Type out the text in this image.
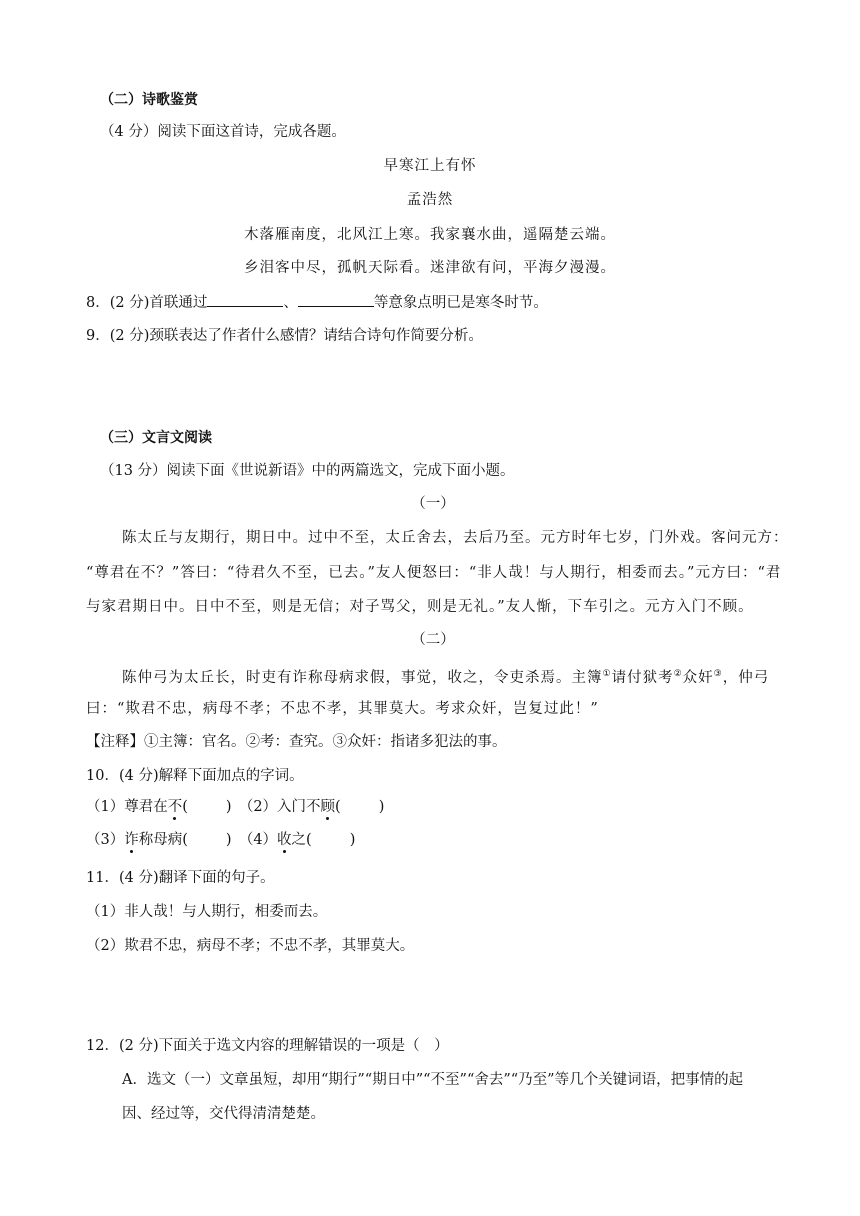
（二）诗歌鉴赏
（4 分）阅读下面这首诗，完成各题。
早寒江上有怀
孟浩然
木落雁南度，北风江上寒。我家襄水曲，遥隔楚云端。
乡泪客中尽，孤帆天际看。迷津欲有问，平海夕漫漫。
8．(2 分)首联通过	、	等意象点明已是寒冬时节。
9．(2 分)颈联表达了作者什么感情？请结合诗句作简要分析。
（三）文言文阅读
（13 分）阅读下面《世说新语》中的两篇选文，完成下面小题。
（一）
陈太丘与友期行，期日中。过中不至，太丘舍去，去后乃至。元方时年七岁，门外戏。客问元方：
“尊君在不？”答曰：“待君久不至，已去。”友人便怒曰：“非人哉！与人期行，相委而去。”元方曰：“君
与家君期日中。日中不至，则是无信；对子骂父，则是无礼。”友人惭，下车引之。元方入门不顾。
（二）
陈仲弓为太丘长，时吏有诈称母病求假，事觉，收之，令吏杀焉。主簿①请付狱考②众奸③，仲弓
曰：“欺君不忠，病母不孝；不忠不孝，其罪莫大。考求众奸，岂复过此！”
【注释】①主簿：官名。②考：查究。③众奸：指诸多犯法的事。
10．(4 分)解释下面加点的字词。
（1）尊君在不(	)　（2）入门不顾(	)
（3）诈称母病(	)　（4）收之(	)
11．(4 分)翻译下面的句子。
（1）非人哉！与人期行，相委而去。
（2）欺君不忠，病母不孝；不忠不孝，其罪莫大。
12．(2 分)下面关于选文内容的理解错误的一项是（　）
A．选文（一）文章虽短，却用“期行”“期日中”“不至”“舍去”“乃至”等几个关键词语，把事情的起
因、经过等，交代得清清楚楚。
